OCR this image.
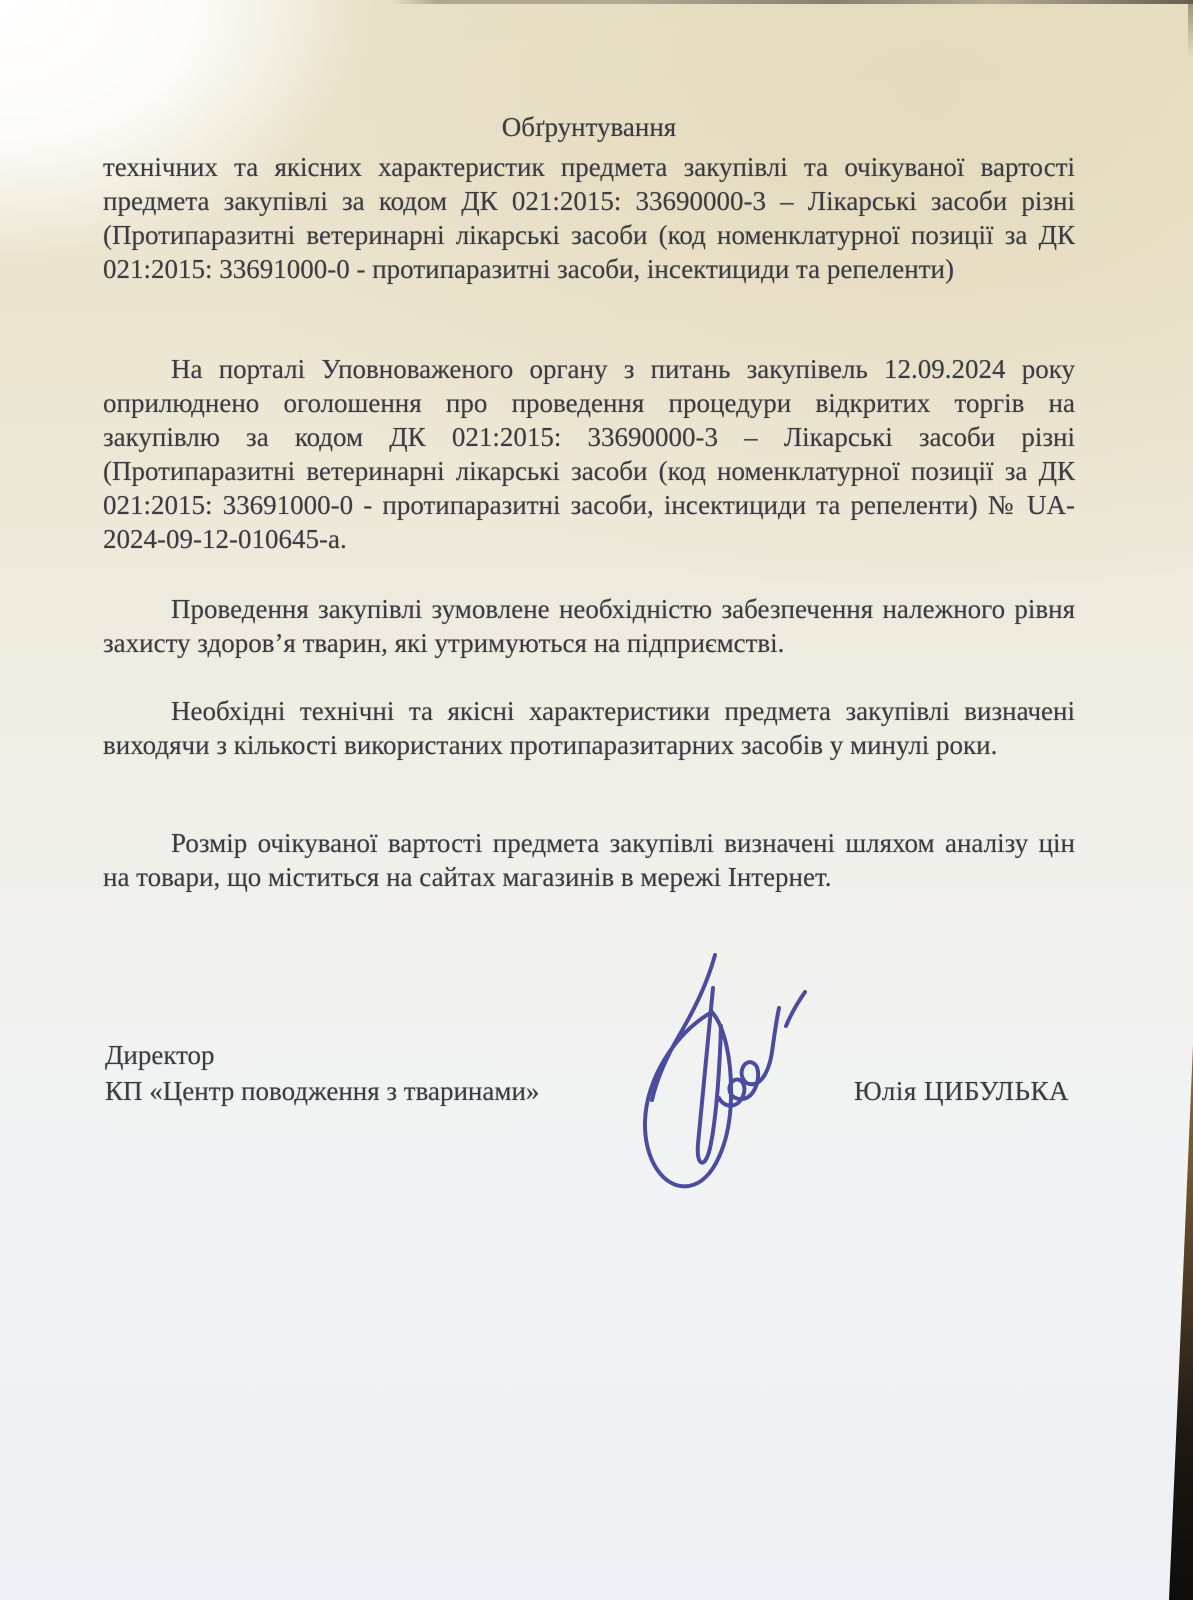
Обґрунтування
технічних та якісних характеристик предмета закупівлі та очікуваної вартості предмета закупівлі за кодом ДК 021:2015: 33690000-3 – Лікарські засоби різні (Протипаразитні ветеринарні лікарські засоби (код номенклатурної позиції за ДК 021:2015: 33691000-0 - протипаразитні засоби, інсектициди та репеленти)
На порталі Уповноваженого органу з питань закупівель 12.09.2024 року оприлюднено оголошення про проведення процедури відкритих торгів на закупівлю за кодом ДК 021:2015: 33690000-3 – Лікарські засоби різні (Протипаразитні ветеринарні лікарські засоби (код номенклатурної позиції за ДК 021:2015: 33691000-0 - протипаразитні засоби, інсектициди та репеленти) № UA-2024-09-12-010645-а.
Проведення закупівлі зумовлене необхідністю забезпечення належного рівня захисту здоров’я тварин, які утримуються на підприємстві.
Необхідні технічні та якісні характеристики предмета закупівлі визначені виходячи з кількості використаних протипаразитарних засобів у минулі роки.
Розмір очікуваної вартості предмета закупівлі визначені шляхом аналізу цін на товари, що міститься на сайтах магазинів в мережі Інтернет.
Директор
КП «Центр поводження з тваринами»	Юлія ЦИБУЛЬКА
